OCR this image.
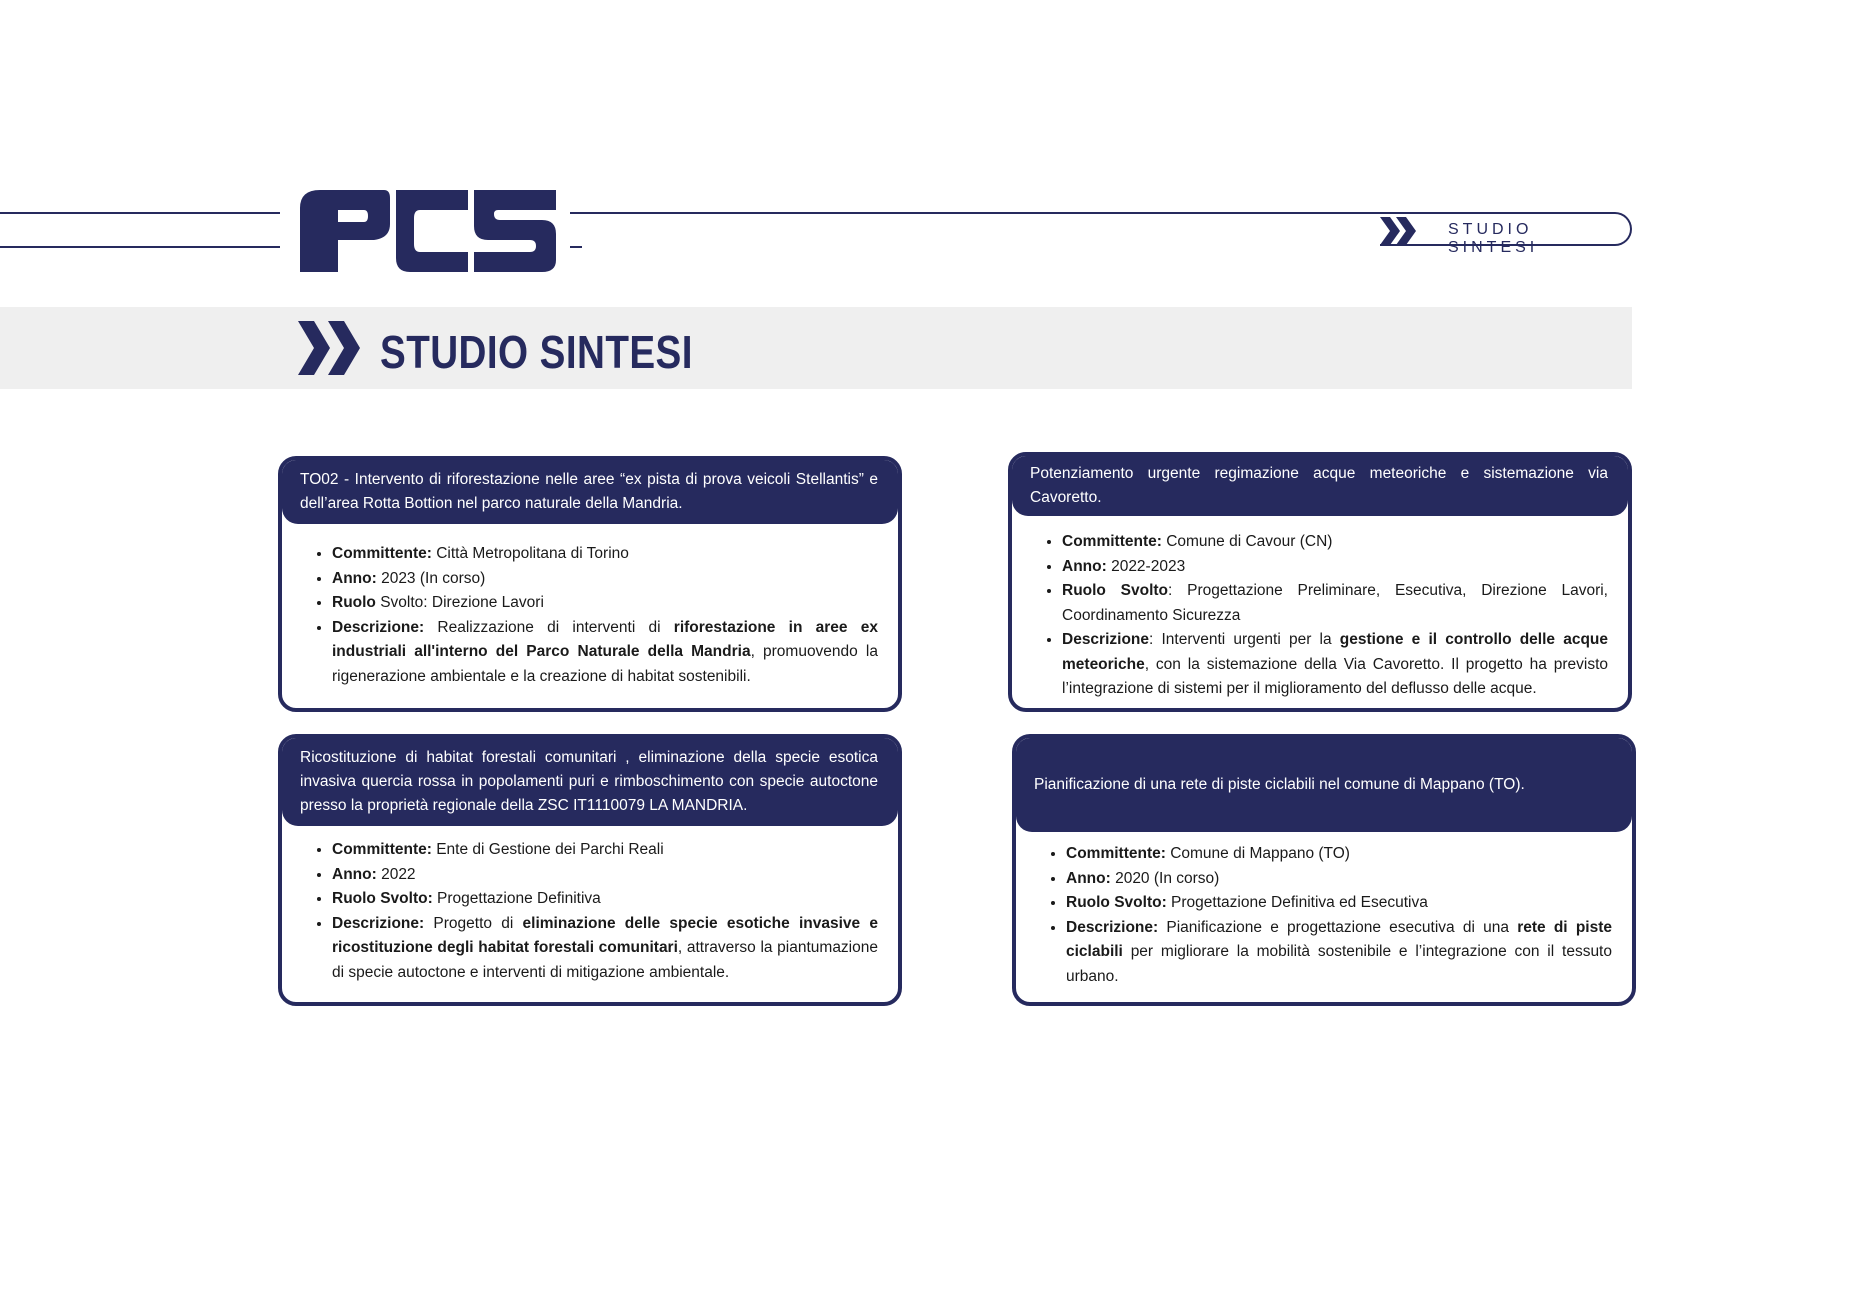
STUDIO SINTESI
STUDIO SINTESI
TO02 - Intervento di riforestazione nelle aree “ex pista di prova veicoli Stellantis” e dell’area Rotta Bottion nel parco naturale della Mandria.
• Committente: Città Metropolitana di Torino
• Anno: 2023 (In corso)
• Ruolo Svolto: Direzione Lavori
• Descrizione: Realizzazione di interventi di riforestazione in aree ex industriali all'interno del Parco Naturale della Mandria, promuovendo la rigenerazione ambientale e la creazione di habitat sostenibili.
Potenziamento urgente regimazione acque meteoriche e sistemazione via Cavoretto.
• Committente: Comune di Cavour (CN)
• Anno: 2022-2023
• Ruolo Svolto: Progettazione Preliminare, Esecutiva, Direzione Lavori, Coordinamento Sicurezza
• Descrizione: Interventi urgenti per la gestione e il controllo delle acque meteoriche, con la sistemazione della Via Cavoretto. Il progetto ha previsto l’integrazione di sistemi per il miglioramento del deflusso delle acque.
Ricostituzione di habitat forestali comunitari , eliminazione della specie esotica invasiva quercia rossa in popolamenti puri e rimboschimento con specie autoctone presso la proprietà regionale della ZSC IT1110079 LA MANDRIA.
• Committente: Ente di Gestione dei Parchi Reali
• Anno: 2022
• Ruolo Svolto: Progettazione Definitiva
• Descrizione: Progetto di eliminazione delle specie esotiche invasive e ricostituzione degli habitat forestali comunitari, attraverso la piantumazione di specie autoctone e interventi di mitigazione ambientale.
Pianificazione di una rete di piste ciclabili nel comune di Mappano (TO).
• Committente: Comune di Mappano (TO)
• Anno: 2020 (In corso)
• Ruolo Svolto: Progettazione Definitiva ed Esecutiva
• Descrizione: Pianificazione e progettazione esecutiva di una rete di piste ciclabili per migliorare la mobilità sostenibile e l’integrazione con il tessuto urbano.
